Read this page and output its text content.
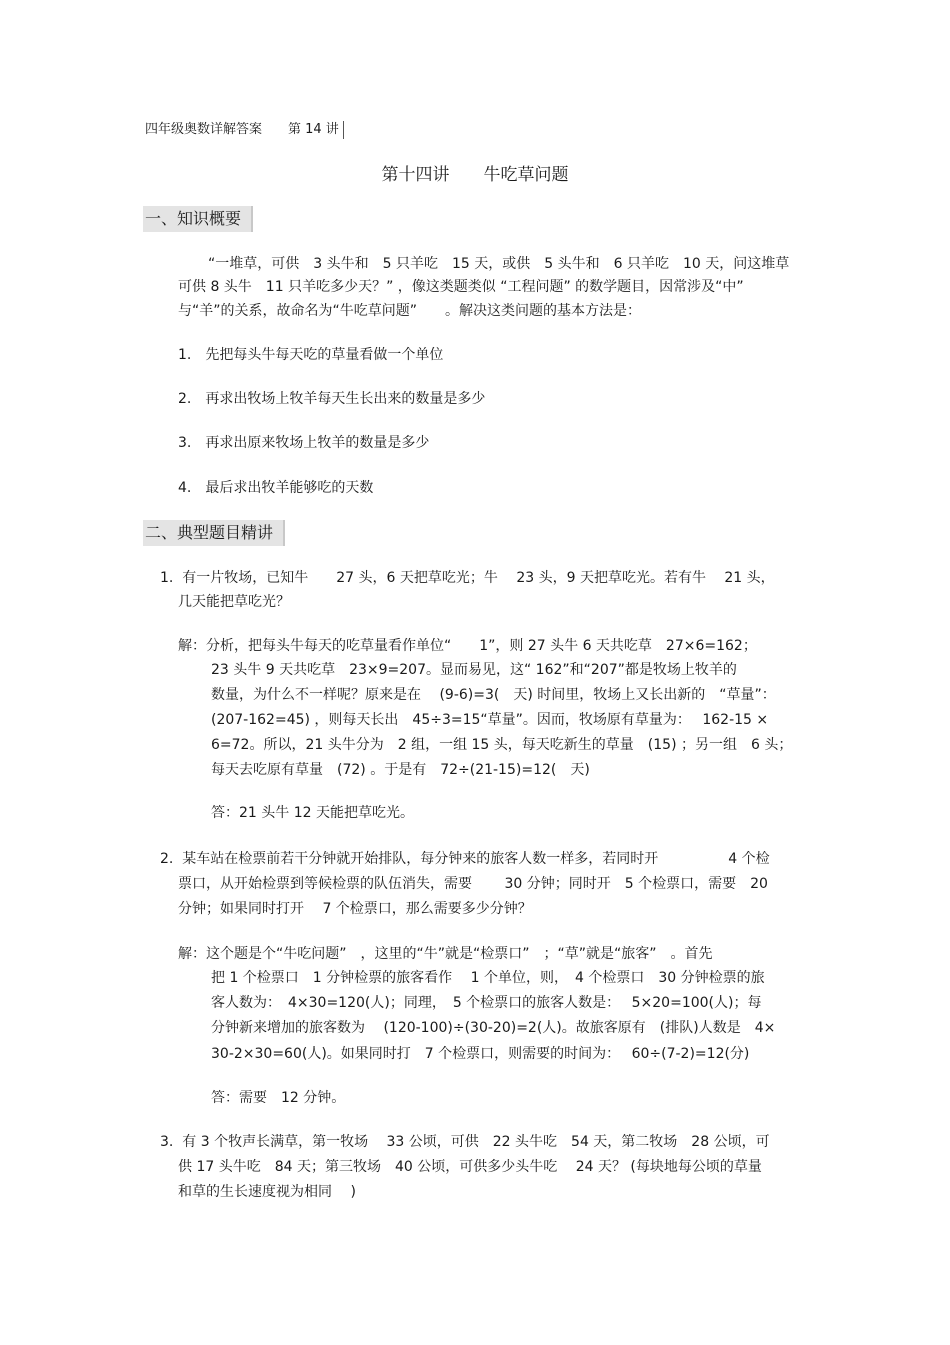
四年级奥数详解答案　　第 14 讲
第十四讲　　牛吃草问题
一、知识概要
“一堆草，可供　3 头牛和　5 只羊吃　15 天，或供　5 头牛和　6 只羊吃　10 天，问这堆草
可供 8 头牛　11 只羊吃多少天？” ，像这类题类似 “工程问题” 的数学题目，因常涉及“中”
与“羊”的关系，故命名为“牛吃草问题”　　。解决这类问题的基本方法是：
1.　先把每头牛每天吃的草量看做一个单位
2.　再求出牧场上牧羊每天生长出来的数量是多少
3.　再求出原来牧场上牧羊的数量是多少
4.　最后求出牧羊能够吃的天数
二、典型题目精讲
1.  有一片牧场，已知牛　　27 头，6 天把草吃光；牛　 23 头，9 天把草吃光。若有牛　 21 头，
几天能把草吃光？
解：分析，把每头牛每天的吃草量看作单位“　　1”，则 27 头牛 6 天共吃草　27×6=162；
23 头牛 9 天共吃草　23×9=207。显而易见，这“ 162”和“207”都是牧场上牧羊的
数量，为什么不一样呢？原来是在　 (9-6)=3(　天) 时间里，牧场上又长出新的　“草量”：
(207-162=45) ，则每天长出　45÷3=15“草量”。因而，牧场原有草量为：　 162-15 ×
6=72。所以，21 头牛分为　2 组，一组 15 头，每天吃新生的草量　(15) ；另一组　6 头；
每天去吃原有草量　(72) 。于是有　72÷(21-15)=12(　天)
答：21 头牛 12 天能把草吃光。
2.  某车站在检票前若干分钟就开始排队，每分钟来的旅客人数一样多，若同时开　　　　　4 个检
票口，从开始检票到等候检票的队伍消失，需要　　 30 分钟；同时开　5 个检票口，需要　20
分钟；如果同时打开　 7 个检票口，那么需要多少分钟？
解：这个题是个“牛吃问题”　，这里的“牛”就是“检票口”　；“草”就是“旅客”　。首先
把 1 个检票口　1 分钟检票的旅客看作　 1 个单位，则，　4 个检票口　30 分钟检票的旅
客人数为：　4×30=120(人)；同理，　5 个检票口的旅客人数是：　 5×20=100(人)；每
分钟新来增加的旅客数为　 (120-100)÷(30-20)=2(人)。故旅客原有　(排队)人数是　4×
30-2×30=60(人)。如果同时打　7 个检票口，则需要的时间为：　 60÷(7-2)=12(分)
答：需要　12 分钟。
3.  有 3 个牧声长满草，第一牧场　 33 公顷，可供　22 头牛吃　54 天，第二牧场　28 公顷，可
供 17 头牛吃　84 天；第三牧场　40 公顷，可供多少头牛吃　 24 天？ (每块地每公顷的草量
和草的生长速度视为相同　 )
